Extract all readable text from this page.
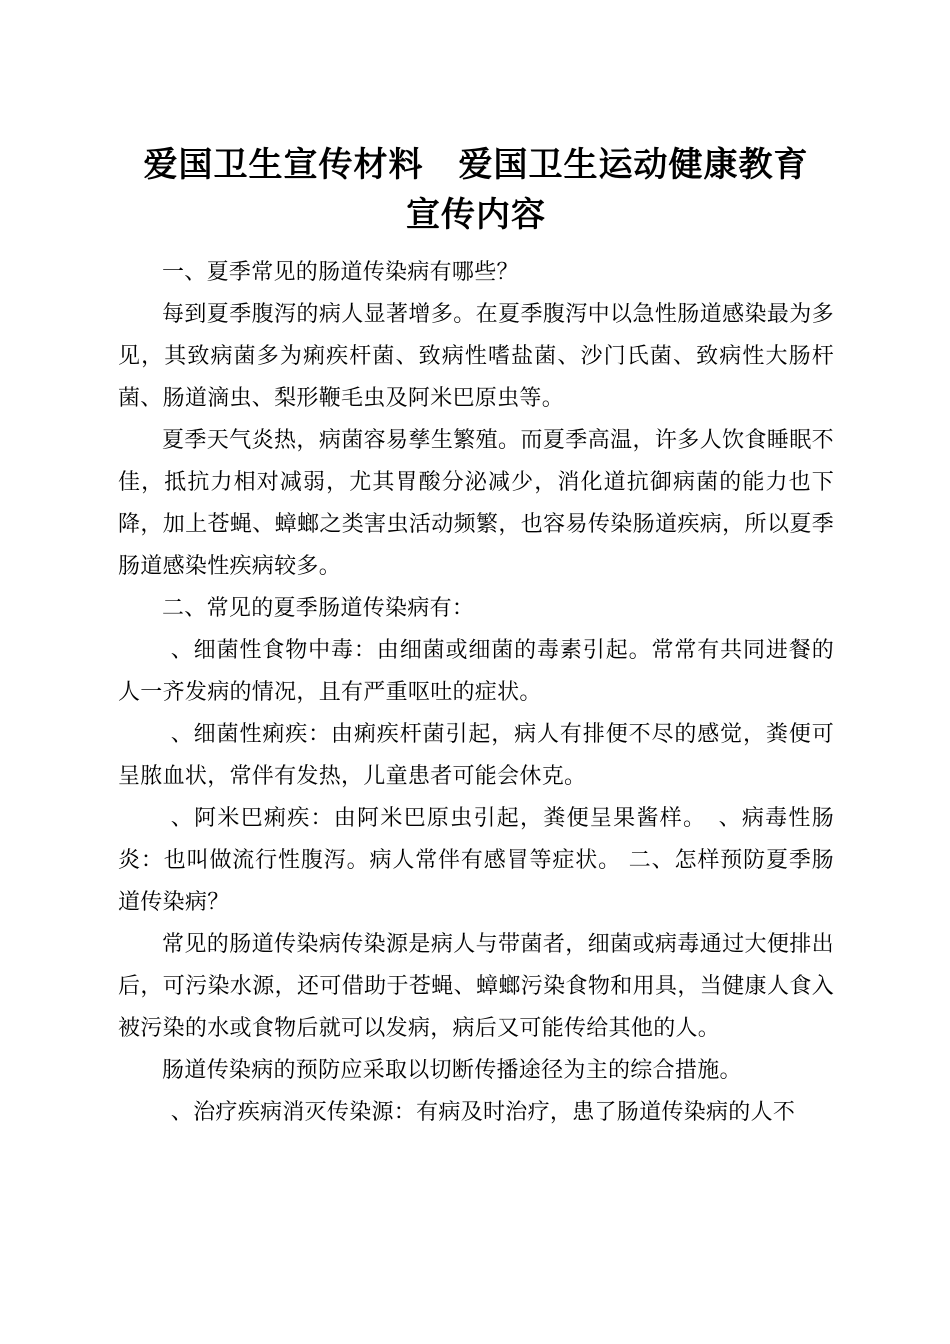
爱国卫生宣传材料　爱国卫生运动健康教育
宣传内容

一、夏季常见的肠道传染病有哪些？

每到夏季腹泻的病人显著增多。在夏季腹泻中以急性肠道感染最为多见，其致病菌多为痢疾杆菌、致病性嗜盐菌、沙门氏菌、致病性大肠杆菌、肠道滴虫、梨形鞭毛虫及阿米巴原虫等。

夏季天气炎热，病菌容易孳生繁殖。而夏季高温，许多人饮食睡眠不佳，抵抗力相对减弱，尤其胃酸分泌减少，消化道抗御病菌的能力也下降，加上苍蝇、蟑螂之类害虫活动频繁，也容易传染肠道疾病，所以夏季肠道感染性疾病较多。

二、常见的夏季肠道传染病有：

、细菌性食物中毒：由细菌或细菌的毒素引起。常常有共同进餐的人一齐发病的情况，且有严重呕吐的症状。

、细菌性痢疾：由痢疾杆菌引起，病人有排便不尽的感觉，粪便可呈脓血状，常伴有发热，儿童患者可能会休克。

、阿米巴痢疾：由阿米巴原虫引起，粪便呈果酱样。　、病毒性肠炎：也叫做流行性腹泻。病人常伴有感冒等症状。 二、怎样预防夏季肠道传染病？

常见的肠道传染病传染源是病人与带菌者，细菌或病毒通过大便排出后，可污染水源，还可借助于苍蝇、蟑螂污染食物和用具，当健康人食入被污染的水或食物后就可以发病，病后又可能传给其他的人。

肠道传染病的预防应采取以切断传播途径为主的综合措施。

、治疗疾病消灭传染源：有病及时治疗，患了肠道传染病的人不
